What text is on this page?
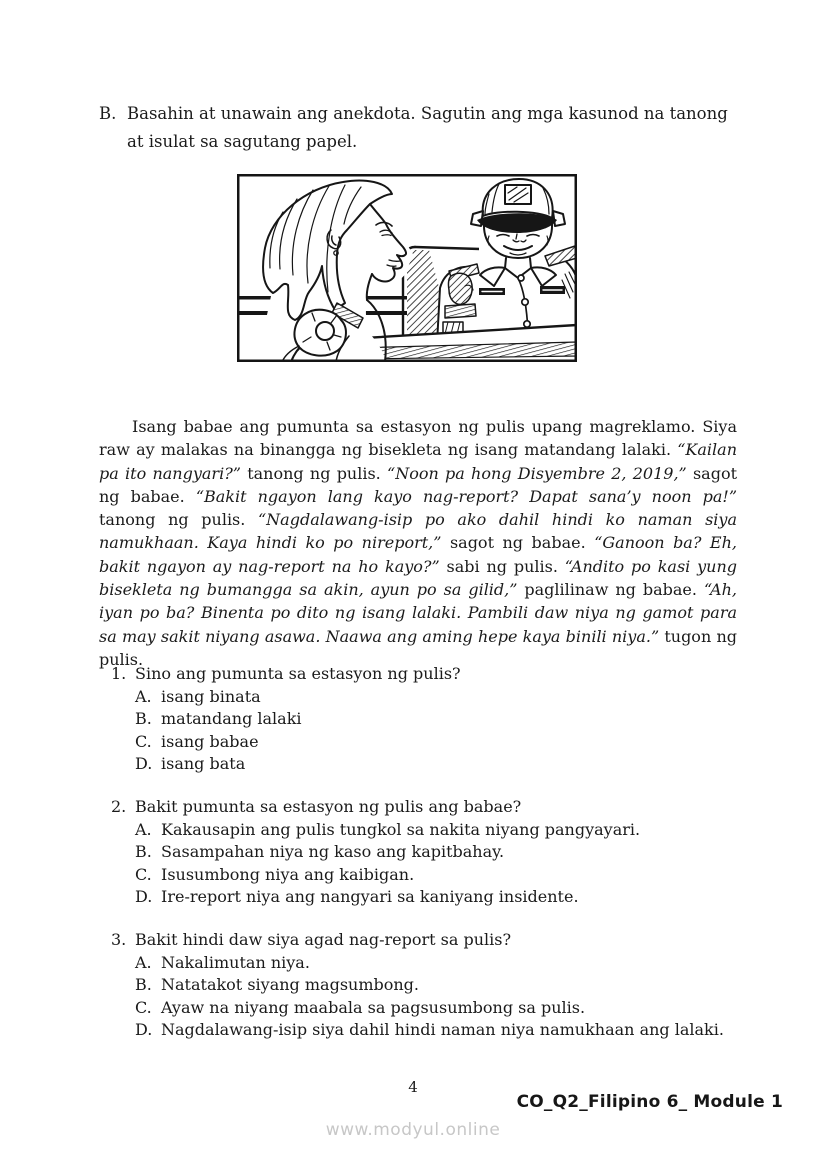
B. Basahin at unawain ang anekdota. Sagutin ang mga kasunod na tanong at isulat sa sagutang papel.

Isang babae ang pumunta sa estasyon ng pulis upang magreklamo. Siya raw ay malakas na binangga ng bisekleta ng isang matandang lalaki. “Kailan pa ito nangyari?” tanong ng pulis. “Noon pa hong Disyembre 2, 2019,” sagot ng babae. “Bakit ngayon lang kayo nag-report? Dapat sana’y noon pa!” tanong ng pulis. “Nagdalawang-isip po ako dahil hindi ko naman siya namukhaan. Kaya hindi ko po nireport,” sagot ng babae. “Ganoon ba? Eh, bakit ngayon ay nag-report na ho kayo?” sabi ng pulis. “Andito po kasi yung bisekleta ng bumangga sa akin, ayun po sa gilid,” paglilinaw ng babae. “Ah, iyan po ba? Binenta po dito ng isang lalaki. Pambili daw niya ng gamot para sa may sakit niyang asawa. Naawa ang aming hepe kaya binili niya.” tugon ng pulis.

1. Sino ang pumunta sa estasyon ng pulis?
A. isang binata
B. matandang lalaki
C. isang babae
D. isang bata
2. Bakit pumunta sa estasyon ng pulis ang babae?
A. Kakausapin ang pulis tungkol sa nakita niyang pangyayari.
B. Sasampahan niya ng kaso ang kapitbahay.
C. Isusumbong niya ang kaibigan.
D. Ire-report niya ang nangyari sa kaniyang insidente.
3. Bakit hindi daw siya agad nag-report sa pulis?
A. Nakalimutan niya.
B. Natatakot siyang magsumbong.
C. Ayaw na niyang maabala sa pagsusumbong sa pulis.
D. Nagdalawang-isip siya dahil hindi naman niya namukhaan ang lalaki.
4
CO_Q2_Filipino 6_ Module 1
www.modyul.online
